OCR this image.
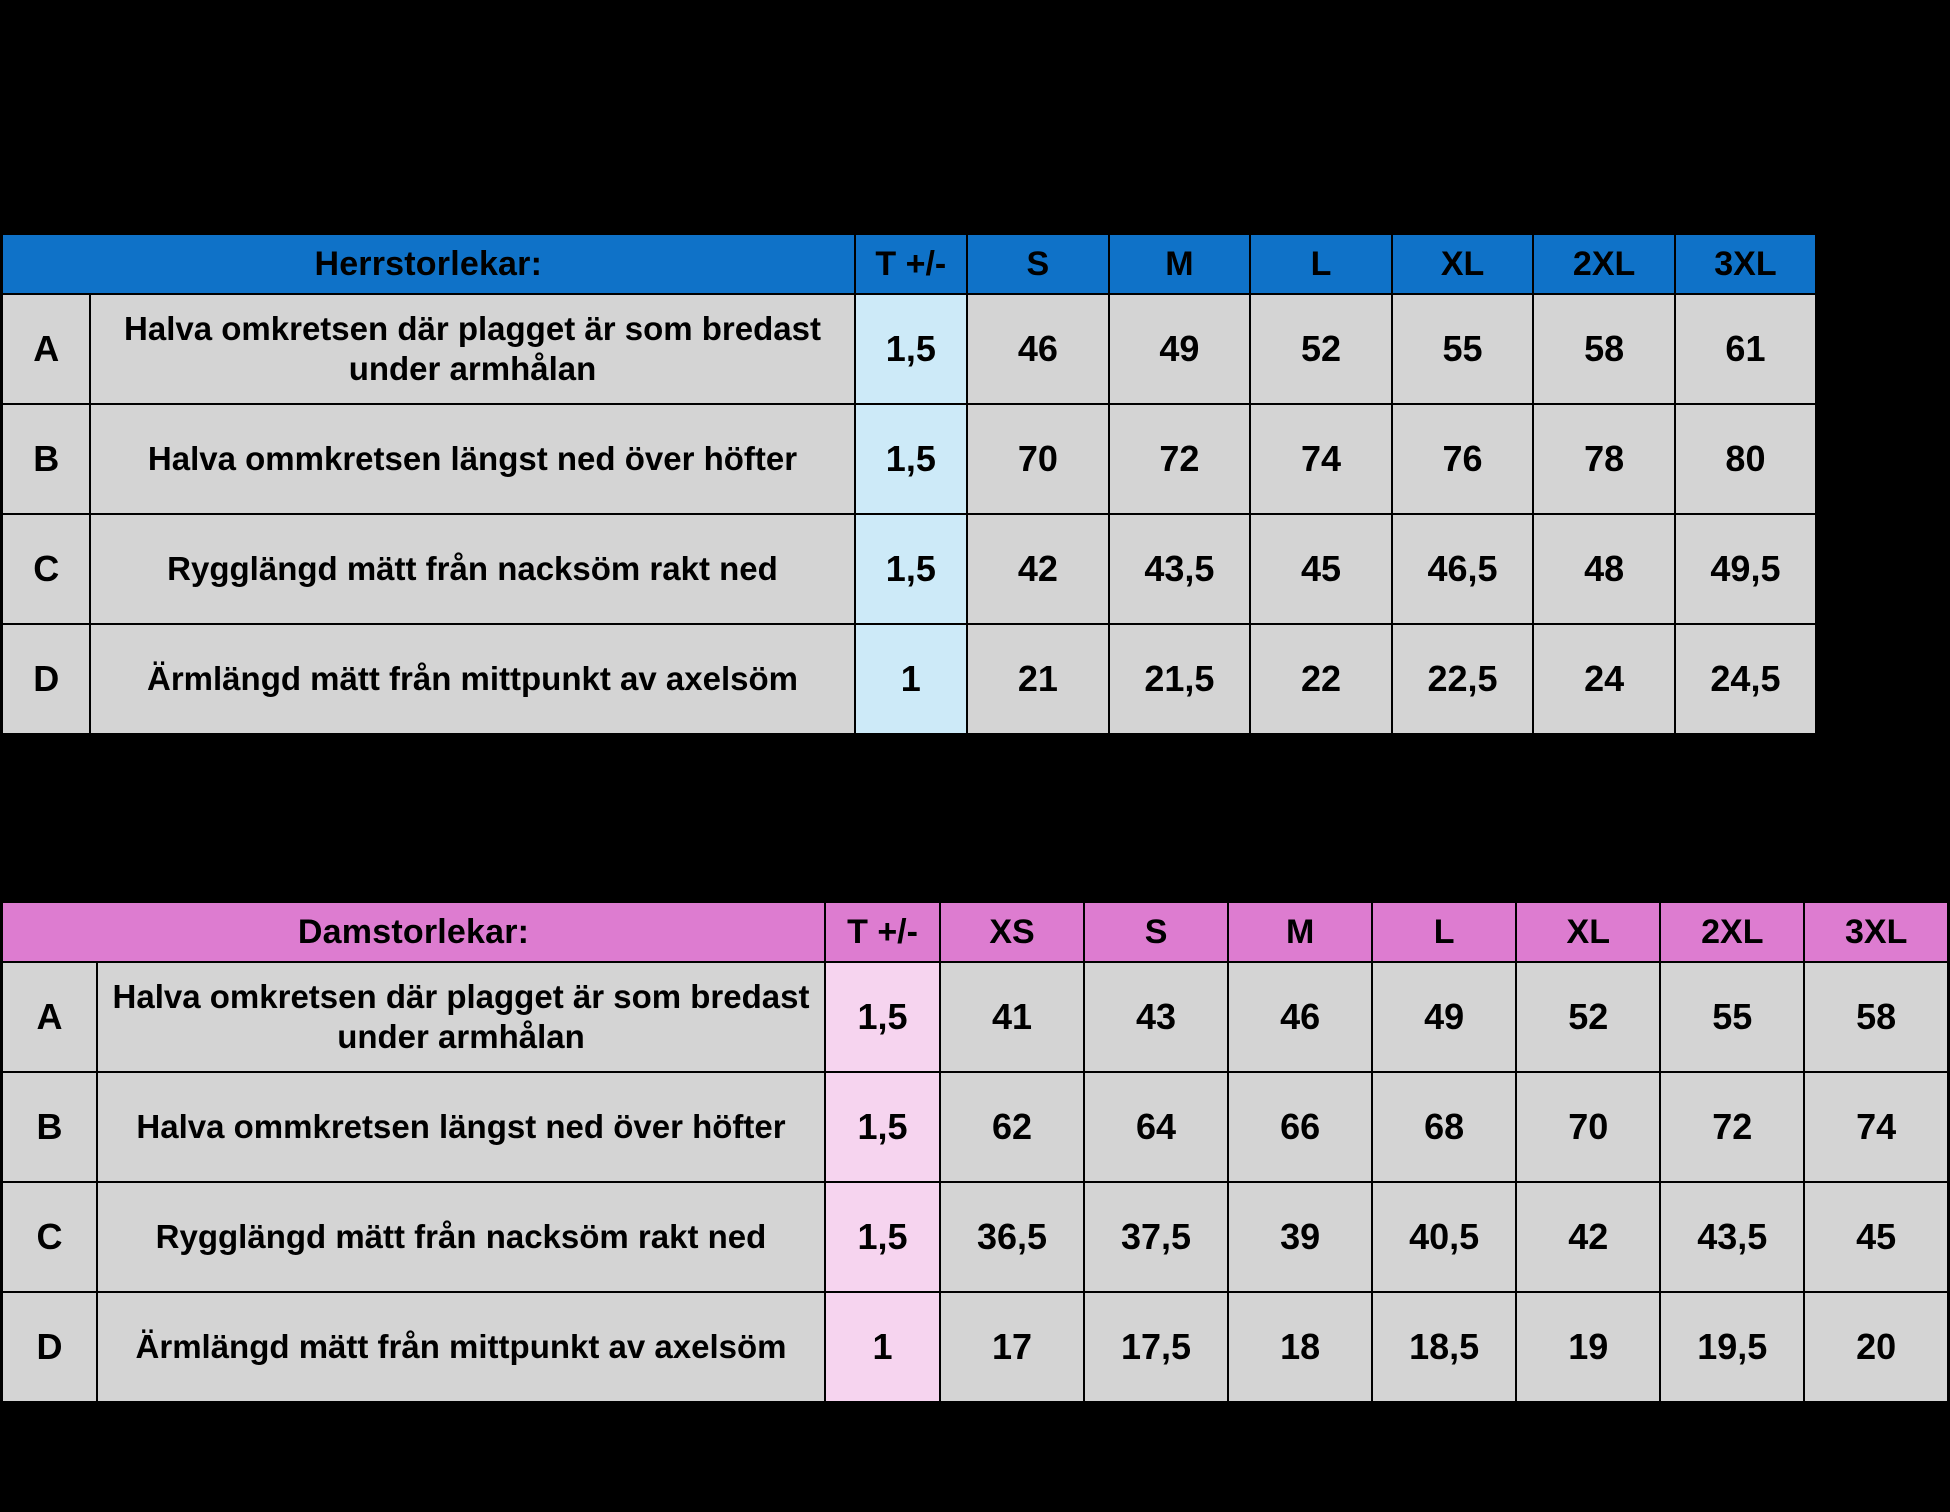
Herrstorlekar:		T +/-	S	M	L	XL	2XL	3XL
A	Halva omkretsen där plagget är som bredast under armhålan	1,5	46	49	52	55	58	61
B	Halva ommkretsen längst ned över höfter	1,5	70	72	74	76	78	80
C	Rygglängd mätt från nacksöm rakt ned	1,5	42	43,5	45	46,5	48	49,5
D	Ärmlängd mätt från mittpunkt av axelsöm	1	21	21,5	22	22,5	24	24,5
Damstorlekar:		T +/-	XS	S	M	L	XL	2XL	3XL
A	Halva omkretsen där plagget är som bredast under armhålan	1,5	41	43	46	49	52	55	58
B	Halva ommkretsen längst ned över höfter	1,5	62	64	66	68	70	72	74
C	Rygglängd mätt från nacksöm rakt ned	1,5	36,5	37,5	39	40,5	42	43,5	45
D	Ärmlängd mätt från mittpunkt av axelsöm	1	17	17,5	18	18,5	19	19,5	20
